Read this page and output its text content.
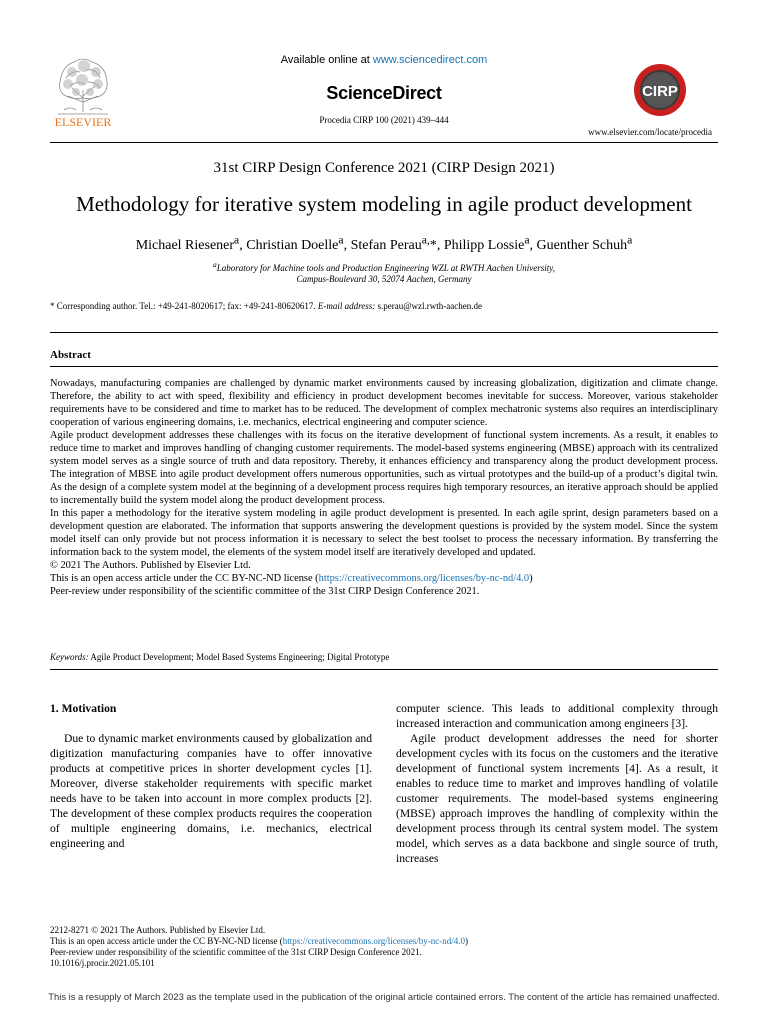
ELSEVIER
Available online at www.sciencedirect.com
ScienceDirect
Procedia CIRP 100 (2021) 439–444
CIRP
www.elsevier.com/locate/procedia
31st CIRP Design Conference 2021 (CIRP Design 2021)
Methodology for iterative system modeling in agile product development
Michael Riesener$^a$, Christian Doelle$^a$, Stefan Perau$^{a,}$*, Philipp Lossie$^a$, Guenther Schuh$^a$
$^a$Laboratory for Machine tools and Production Engineering WZL at RWTH Aachen University,
Campus-Boulevard 30, 52074 Aachen, Germany
* Corresponding author. Tel.: +49-241-8020617; fax: +49-241-80620617. E-mail address: s.perau@wzl.rwth-aachen.de
Abstract

Nowadays, manufacturing companies are challenged by dynamic market environments caused by increasing globalization, digitization and climate change. Therefore, the ability to act with speed, flexibility and efficiency in product development becomes inevitable for success. Moreover, various stakeholder requirements have to be considered and time to market has to be reduced. The development of complex mechatronic systems also requires an interdisciplinary cooperation of various engineering domains, i.e. mechanics, electrical engineering and computer science.

Agile product development addresses these challenges with its focus on the iterative development of functional system increments. As a result, it enables to reduce time to market and improves handling of changing customer requirements. The model-based systems engineering (MBSE) approach with its centralized system model serves as a single source of truth and data repository. Thereby, it enhances efficiency and transparency along the product development process. The integration of MBSE into agile product development offers numerous opportunities, such as virtual prototypes and the build-up of a product’s digital twin. As the design of a complete system model at the beginning of a development process requires high temporary resources, an iterative approach should be applied to incrementally build the system model along the product development process.

In this paper a methodology for the iterative system modeling in agile product development is presented. In each agile sprint, design parameters based on a development question are elaborated. The information that supports answering the development questions is provided by the system model. Since the system model itself can only provide but not process information it is necessary to select the best toolset to process the necessary information. By transferring the information back to the system model, the elements of the system model itself are iteratively developed and updated.

© 2021 The Authors. Published by Elsevier Ltd.

This is an open access article under the CC BY-NC-ND license (https://creativecommons.org/licenses/by-nc-nd/4.0)

Peer-review under responsibility of the scientific committee of the 31st CIRP Design Conference 2021.

Keywords: Agile Product Development; Model Based Systems Engineering; Digital Prototype
1. Motivation

Due to dynamic market environments caused by globalization and digitization manufacturing companies have to offer innovative products at competitive prices in shorter development cycles [1]. Moreover, diverse stakeholder requirements with specific market needs have to be taken into account in more complex products [2]. The development of these complex products requires the cooperation of multiple engineering domains, i.e. mechanics, electrical engineering and

computer science. This leads to additional complexity through increased interaction and communication among engineers [3].

Agile product development addresses the need for shorter development cycles with its focus on the customers and the iterative development of functional system increments [4]. As a result, it enables to reduce time to market and improves handling of volatile customer requirements. The model-based systems engineering (MBSE) approach improves the handling of complexity within the development process through its central system model. The system model, which serves as a data backbone and single source of truth, increases

2212-8271 © 2021 The Authors. Published by Elsevier Ltd.
This is an open access article under the CC BY-NC-ND license (https://creativecommons.org/licenses/by-nc-nd/4.0)
Peer-review under responsibility of the scientific committee of the 31st CIRP Design Conference 2021.
10.1016/j.procir.2021.05.101
This is a resupply of March 2023 as the template used in the publication of the original article contained errors. The content of the article has remained unaffected.
